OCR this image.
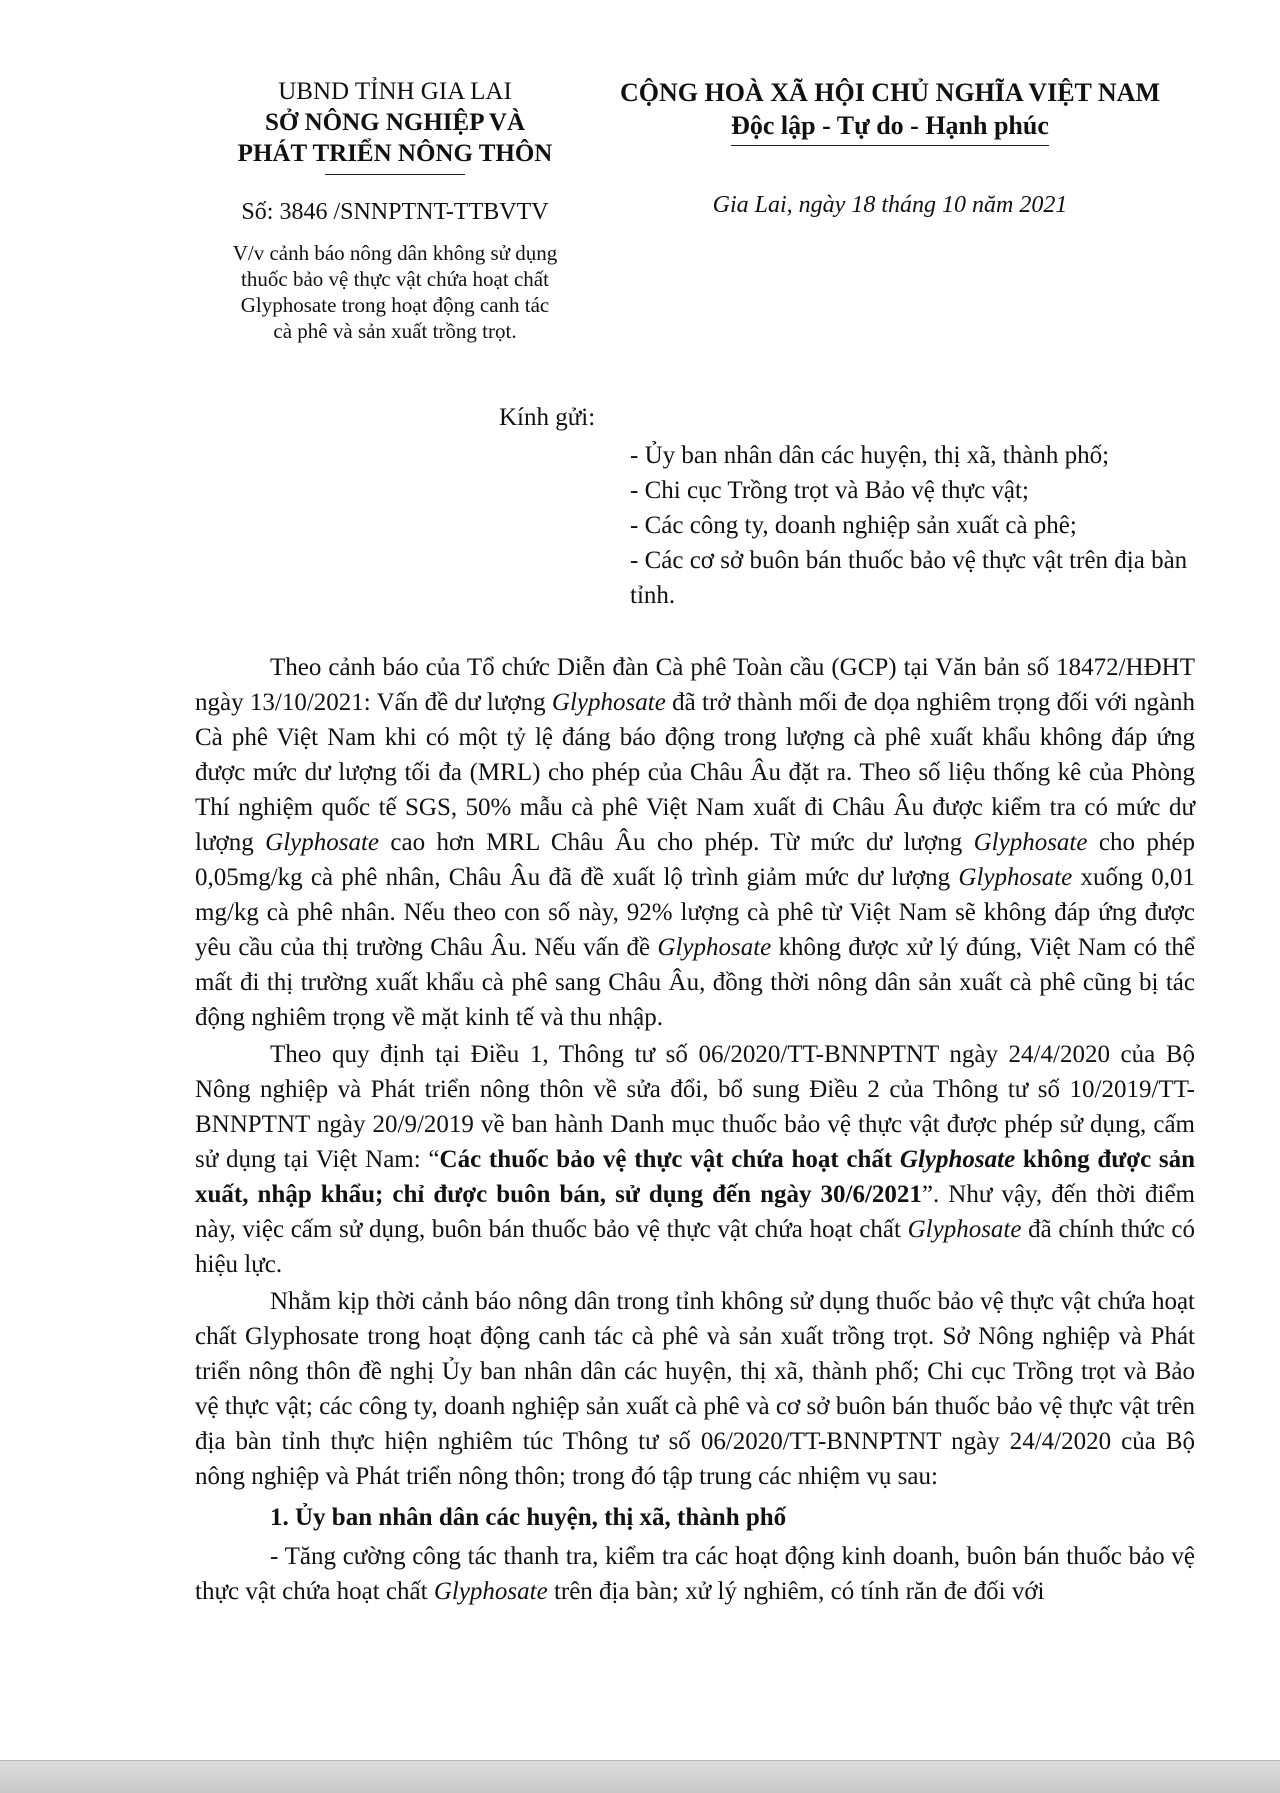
UBND TỈNH GIA LAI
SỞ NÔNG NGHIỆP VÀ
PHÁT TRIỂN NÔNG THÔN
Số: 3846 /SNNPTNT-TTBVTV
V/v cảnh báo nông dân không sử dụng
thuốc bảo vệ thực vật chứa hoạt chất
Glyphosate trong hoạt động canh tác
cà phê và sản xuất trồng trọt.
CỘNG HOÀ XÃ HỘI CHỦ NGHĨA VIỆT NAM
Độc lập - Tự do - Hạnh phúc
Gia Lai, ngày 18 tháng 10 năm 2021
Kính gửi:
- Ủy ban nhân dân các huyện, thị xã, thành phố;
- Chi cục Trồng trọt và Bảo vệ thực vật;
- Các công ty, doanh nghiệp sản xuất cà phê;
- Các cơ sở buôn bán thuốc bảo vệ thực vật trên địa bàn tỉnh.

Theo cảnh báo của Tổ chức Diễn đàn Cà phê Toàn cầu (GCP) tại Văn bản số 18472/HĐHT ngày 13/10/2021: Vấn đề dư lượng Glyphosate đã trở thành mối đe dọa nghiêm trọng đối với ngành Cà phê Việt Nam khi có một tỷ lệ đáng báo động trong lượng cà phê xuất khẩu không đáp ứng được mức dư lượng tối đa (MRL) cho phép của Châu Âu đặt ra. Theo số liệu thống kê của Phòng Thí nghiệm quốc tế SGS, 50% mẫu cà phê Việt Nam xuất đi Châu Âu được kiểm tra có mức dư lượng Glyphosate cao hơn MRL Châu Âu cho phép. Từ mức dư lượng Glyphosate cho phép 0,05mg/kg cà phê nhân, Châu Âu đã đề xuất lộ trình giảm mức dư lượng Glyphosate xuống 0,01 mg/kg cà phê nhân. Nếu theo con số này, 92% lượng cà phê từ Việt Nam sẽ không đáp ứng được yêu cầu của thị trường Châu Âu. Nếu vấn đề Glyphosate không được xử lý đúng, Việt Nam có thể mất đi thị trường xuất khẩu cà phê sang Châu Âu, đồng thời nông dân sản xuất cà phê cũng bị tác động nghiêm trọng về mặt kinh tế và thu nhập.

Theo quy định tại Điều 1, Thông tư số 06/2020/TT-BNNPTNT ngày 24/4/2020 của Bộ Nông nghiệp và Phát triển nông thôn về sửa đổi, bổ sung Điều 2 của Thông tư số 10/2019/TT-BNNPTNT ngày 20/9/2019 về ban hành Danh mục thuốc bảo vệ thực vật được phép sử dụng, cấm sử dụng tại Việt Nam: “Các thuốc bảo vệ thực vật chứa hoạt chất Glyphosate không được sản xuất, nhập khẩu; chỉ được buôn bán, sử dụng đến ngày 30/6/2021”. Như vậy, đến thời điểm này, việc cấm sử dụng, buôn bán thuốc bảo vệ thực vật chứa hoạt chất Glyphosate đã chính thức có hiệu lực.

Nhằm kịp thời cảnh báo nông dân trong tỉnh không sử dụng thuốc bảo vệ thực vật chứa hoạt chất Glyphosate trong hoạt động canh tác cà phê và sản xuất trồng trọt. Sở Nông nghiệp và Phát triển nông thôn đề nghị Ủy ban nhân dân các huyện, thị xã, thành phố; Chi cục Trồng trọt và Bảo vệ thực vật; các công ty, doanh nghiệp sản xuất cà phê và cơ sở buôn bán thuốc bảo vệ thực vật trên địa bàn tỉnh thực hiện nghiêm túc Thông tư số 06/2020/TT-BNNPTNT ngày 24/4/2020 của Bộ nông nghiệp và Phát triển nông thôn; trong đó tập trung các nhiệm vụ sau:

1. Ủy ban nhân dân các huyện, thị xã, thành phố

- Tăng cường công tác thanh tra, kiểm tra các hoạt động kinh doanh, buôn bán thuốc bảo vệ thực vật chứa hoạt chất Glyphosate trên địa bàn; xử lý nghiêm, có tính răn đe đối với
